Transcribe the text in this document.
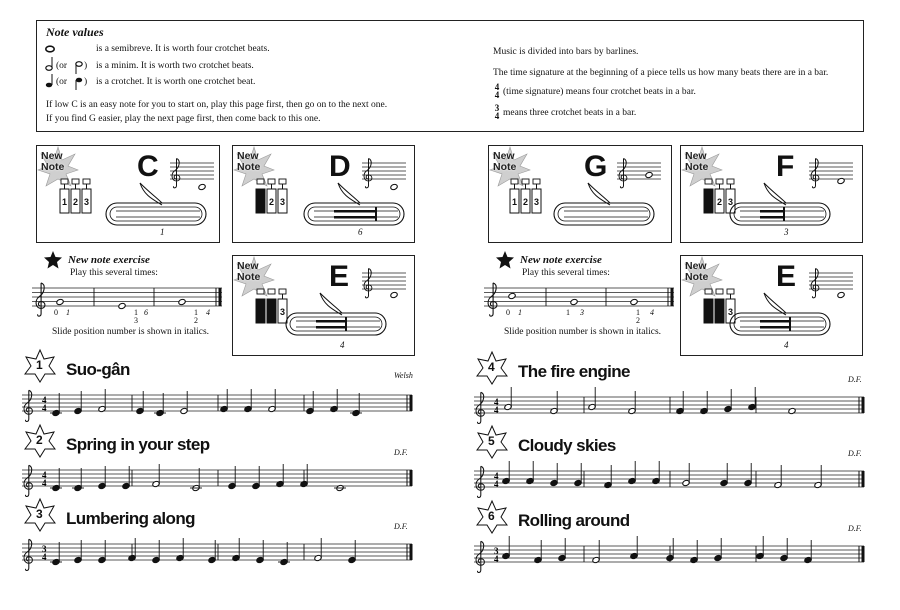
Note values
is a semibreve. It is worth four crotchet beats.
(or ) is a minim. It is worth two crotchet beats.
(or ) is a crotchet. It is worth one crotchet beat.
If low C is an easy note for you to start on, play this page first, then go on to the next one.
If you find G easier, play the next page first, then come back to this one.
Music is divided into bars by barlines.
The time signature at the beginning of a piece tells us how many beats there are in a bar.
4
4 (time signature) means four crotchet beats in a bar.
3
4 means three crotchet beats in a bar.
New
Note C
1 2 3
1
New
Note D
2 3
6
New
Note E
3
4
New
Note G
1 2 3
New
Note F
2 3
3
New
Note E
3
4
New note exercise
Play this several times:
0 1	1
3
6	1
2
4
Slide position number is shown in italics.
New note exercise
Play this several times:
0 1	1 3	1
2
4
Slide position number is shown in italics.
1 Suo-gân	Welsh
4
4
2 Spring in your step	D.F.
4
4
3 Lumbering along	D.F.
3
4
4 The fire engine	D.F.
4
4
5 Cloudy skies	D.F.
4
4
6 Rolling around	D.F.
3
4
